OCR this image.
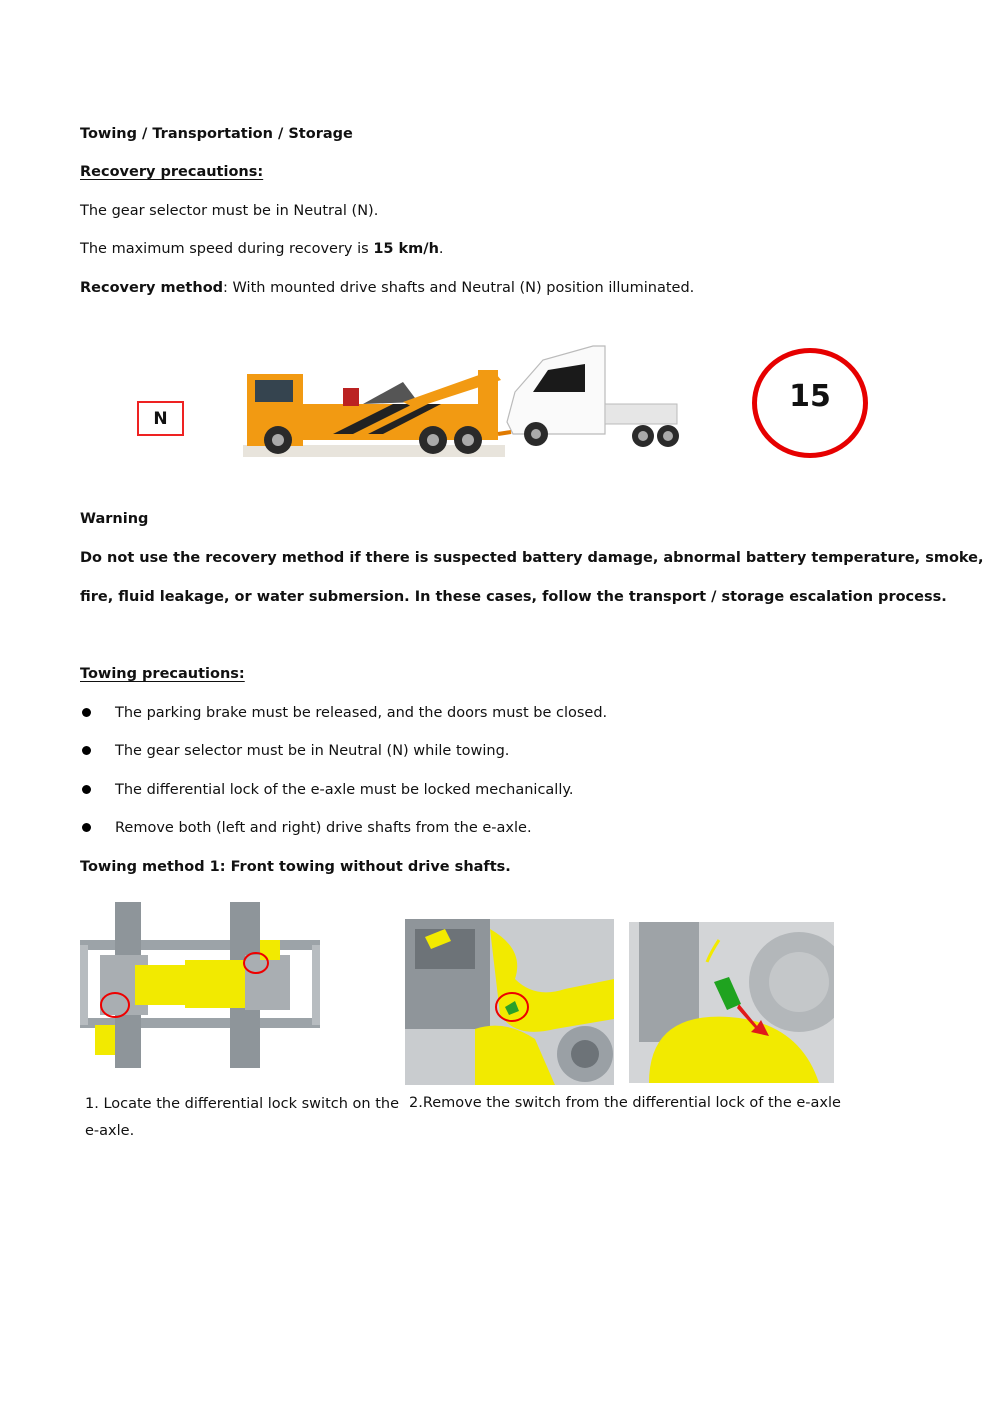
Towing / Transportation / Storage
Recovery precautions:
The gear selector must be in Neutral (N).
The maximum speed during recovery is 15 km/h.
Recovery method: With mounted drive shafts and Neutral (N) position illuminated.
N
15
Warning
Do not use the recovery method if there is suspected battery damage, abnormal battery temperature, smoke,
fire, fluid leakage, or water submersion. In these cases, follow the transport / storage escalation process.
Towing precautions:
The parking brake must be released, and the doors must be closed.
The gear selector must be in Neutral (N) while towing.
The differential lock of the e-axle must be locked mechanically.
Remove both (left and right) drive shafts from the e-axle.
Towing method 1: Front towing without drive shafts.
1. Locate the differential lock switch on the
e-axle.
2.Remove the switch from the differential lock of the e-axle
